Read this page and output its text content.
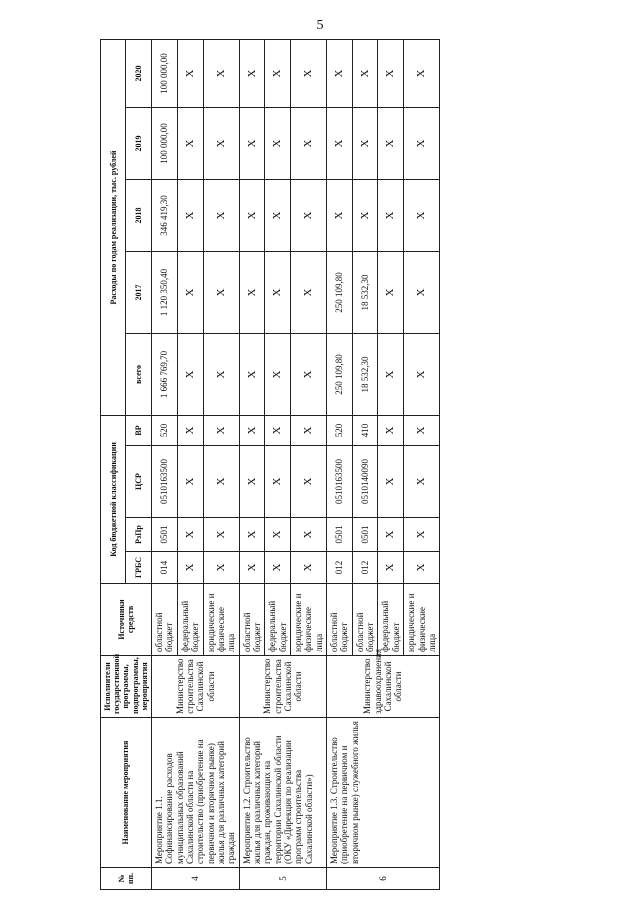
5
№ пп.	Наименование мероприятия	Исполнители государственной программы, подпрограммы, мероприятия	Источники средств	Код бюджетной классификации				Расходы по годам реализации, тыс. рублей				
				ГРБС	РзПр	ЦСР	ВР	всего	2017	2018	2019	2020
4	Мероприятие 1.1. Софинансирование расходов муниципальных образований Сахалинской области на строительство (приобретение на первичном и вторичном рынке) жилья для различных категорий граждан	Министерство строительства Сахалинской области	областной бюджет	014	0501	0510163500	520	1 666 769,70	1 120 350,40	346 419,30	100 000,00	100 000,00
			федеральный бюджет	X	X	X	X	X	X	X	X	X
			юридические и физические лица	X	X	X	X	X	X	X	X	X
5	Мероприятие 1.2. Строительство жилья для различных категорий граждан, проживающих на территории Сахалинской области (ОКУ «Дирекция по реализации программ строительства Сахалинской области»)	Министерство строительства Сахалинской области	областной бюджет	X	X	X	X	X	X	X	X	X
			федеральный бюджет	X	X	X	X	X	X	X	X	X
			юридические и физические лица	X	X	X	X	X	X	X	X	X
6	Мероприятие 1.3. Строительство (приобретение на первичном и вторичном рынке) служебного жилья	Министерство здравоохранения Сахалинской области	областной бюджет	012	0501	0510163500	520	250 109,80	250 109,80	X	X	X
			областной бюджет	012	0501	0510140090	410	18 532,30	18 532,30	X	X	X
			федеральный бюджет	X	X	X	X	X	X	X	X	X
			юридические и физические лица	X	X	X	X	X	X	X	X	X
